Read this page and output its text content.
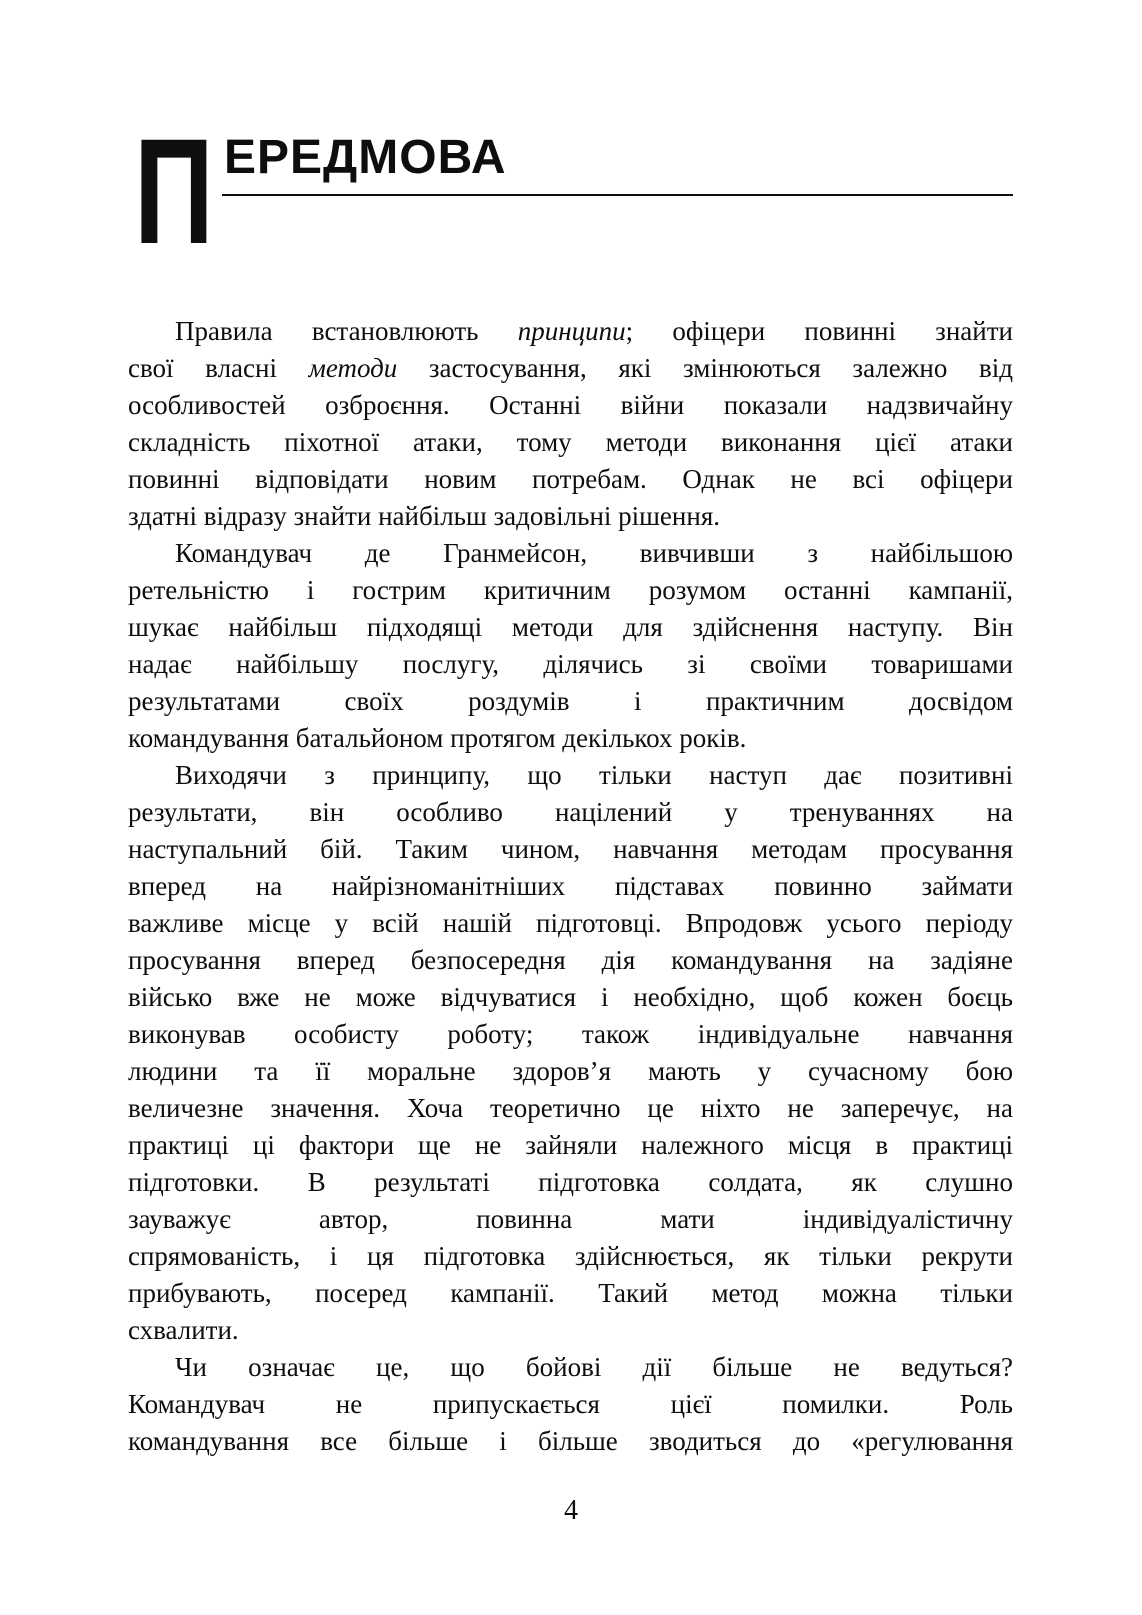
П ЕРЕДМОВА
Правила встановлюють принципи; офіцери повинні знайти
свої власні методи застосування, які змінюються залежно від
особливостей озброєння. Останні війни показали надзвичайну
складність піхотної атаки, тому методи виконання цієї атаки
повинні відповідати новим потребам. Однак не всі офіцери
здатні відразу знайти найбільш задовільні рішення.
Командувач де Гранмейсон, вивчивши з найбільшою
ретельністю і гострим критичним розумом останні кампанії,
шукає найбільш підходящі методи для здійснення наступу. Він
надає найбільшу послугу, ділячись зі своїми товаришами
результатами своїх роздумів і практичним досвідом
командування батальйоном протягом декількох років.
Виходячи з принципу, що тільки наступ дає позитивні
результати, він особливо націлений у тренуваннях на
наступальний бій. Таким чином, навчання методам просування
вперед на найрізноманітніших підставах повинно займати
важливе місце у всій нашій підготовці. Впродовж усього періоду
просування вперед безпосередня дія командування на задіяне
військо вже не може відчуватися і необхідно, щоб кожен боєць
виконував особисту роботу; також індивідуальне навчання
людини та її моральне здоров’я мають у сучасному бою
величезне значення. Хоча теоретично це ніхто не заперечує, на
практиці ці фактори ще не зайняли належного місця в практиці
підготовки. В результаті підготовка солдата, як слушно
зауважує автор, повинна мати індивідуалістичну
спрямованість, і ця підготовка здійснюється, як тільки рекрути
прибувають, посеред кампанії. Такий метод можна тільки
схвалити.
Чи означає це, що бойові дії більше не ведуться?
Командувач не припускається цієї помилки. Роль
командування все більше і більше зводиться до «регулювання
4
